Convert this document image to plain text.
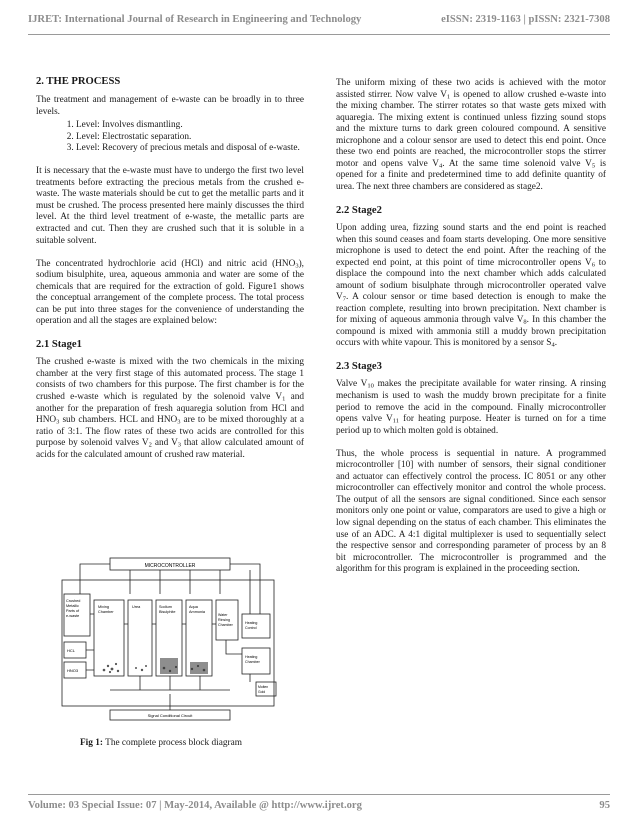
IJRET: International Journal of Research in Engineering and Technology	eISSN: 2319-1163 | pISSN: 2321-7308
2. THE PROCESS

The treatment and management of e-waste can be broadly in to three levels.

1. Level: Involves dismantling.
2. Level: Electrostatic separation.
3. Level: Recovery of precious metals and disposal of e-waste.

It is necessary that the e-waste must have to undergo the first two level treatments before extracting the precious metals from the crushed e-waste. The waste materials should be cut to get the metallic parts and it must be crushed. The process presented here mainly discusses the third level. At the third level treatment of e-waste, the metallic parts are extracted and cut. Then they are crushed such that it is soluble in a suitable solvent.

The concentrated hydrochlorie acid (HCl) and nitric acid $(HNO_3)$, sodium bisulphite, urea, aqueous ammonia and water are some of the chemicals that are required for the extraction of gold. Figure1 shows the conceptual arrangement of the complete process. The total process can be put into three stages for the convenience of understanding the operation and all the stages are explained below:

2.1 Stage1

The crushed e-waste is mixed with the two chemicals in the mixing chamber at the very first stage of this automated process. The stage 1 consists of two chambers for this purpose. The first chamber is for the crushed e-waste which is regulated by the solenoid valve $V_1$ and another for the preparation of fresh aquaregia solution from HCl and $HNO_3$ sub chambers. HCL and $HNO_3$ are to be mixed thoroughly at a ratio of 3:1. The flow rates of these two acids are controlled for this purpose by solenoid valves $V_2$ and $V_3$ that allow calculated amount of acids for the calculated amount of crushed raw material.

MICROCONTROLLER
Crushed
Metallic
Parts of
e-waste
HCL
HNO3
Mixing
Chamber
Urea	Sodium
Bisulphite
Aqua
Ammonia
Water
Rinsing
Chamber	Heating
Control
Heating
Chamber
Molten
Gold
Signal Conditional Circuit
Fig 1: The complete process block diagram

The uniform mixing of these two acids is achieved with the motor assisted stirrer. Now valve $V_1$ is opened to allow crushed e-waste into the mixing chamber. The stirrer rotates so that waste gets mixed with aquaregia. The mixing extent is continued unless fizzing sound stops and the mixture turns to dark green coloured compound. A sensitive microphone and a colour sensor are used to detect this end point. Once these two end points are reached, the microcontroller stops the stirrer motor and opens valve $V_4$. At the same time solenoid valve $V_5$ is opened for a finite and predetermined time to add definite quantity of urea. The next three chambers are considered as stage2.

2.2 Stage2

Upon adding urea, fizzing sound starts and the end point is reached when this sound ceases and foam starts developing. One more sensitive microphone is used to detect the end point. After the reaching of the expected end point, at this point of time microcontroller opens $V_6$ to displace the compound into the next chamber which adds calculated amount of sodium bisulphate through microcontroller operated valve $V_7$. A colour sensor or time based detection is enough to make the reaction complete, resulting into brown precipitation. Next chamber is for mixing of aqueous ammonia through valve $V_8$. In this chamber the compound is mixed with ammonia still a muddy brown precipitation occurs with white vapour. This is monitored by a sensor $S_4$.

2.3 Stage3

Valve $V_{10}$ makes the precipitate available for water rinsing. A rinsing mechanism is used to wash the muddy brown precipitate for a finite period to remove the acid in the compound. Finally microcontroller opens valve $V_{11}$ for heating purpose. Heater is turned on for a time period up to which molten gold is obtained.

Thus, the whole process is sequential in nature. A programmed microcontroller [10] with number of sensors, their signal conditioner and actuator can effectively control the process. IC 8051 or any other microcontroller can effectively monitor and control the whole process. The output of all the sensors are signal conditioned. Since each sensor monitors only one point or value, comparators are used to give a high or low signal depending on the status of each chamber. This eliminates the use of an ADC. A 4:1 digital multiplexer is used to sequentially select the respective sensor and corresponding parameter of process by an 8 bit microcontroller. The microcontroller is programmed and the algorithm for this program is explained in the proceeding section.

Volume: 03 Special Issue: 07 | May-2014, Available @ http://www.ijret.org	95
